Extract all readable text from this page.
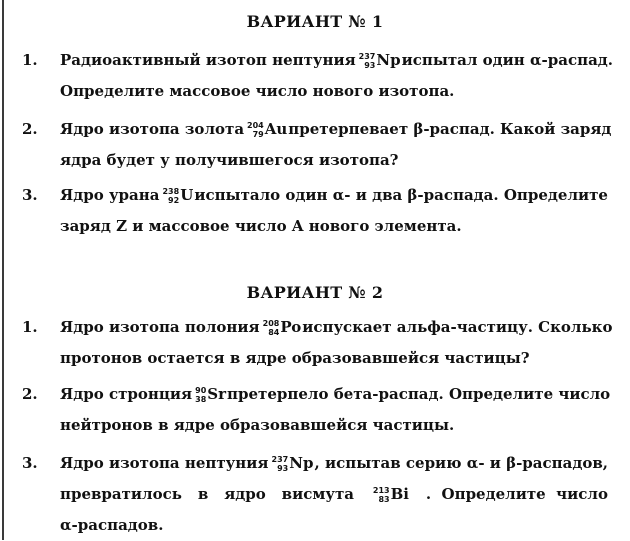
ВАРИАНТ № 1
1.	Радиоактивный изотоп нептуния 237
93 Np испытал один α-распад.
Определите массовое число нового изотопа.
2.	Ядро изотопа золота 204
79 Au претерпевает β-распад. Какой заряд
ядра будет у получившегося изотопа?
3.	Ядро урана 238
92 U испытало один α- и два β-распада. Определите
заряд Z и массовое число A нового элемента.
ВАРИАНТ № 2
1.	Ядро изотопа полония 208
84 Po испускает альфа-частицу. Сколько
протонов остается в ядре образовавшейся частицы?
2.	Ядро стронция 90
38 Sr претерпело бета-распад. Определите число
нейтронов в ядре образовавшейся частицы.
3.	Ядро изотопа нептуния 237
93 Np , испытав серию α- и β-распадов,
превратилось в ядро висмута 213
83 Bi .  Определите  число
α-распадов.
